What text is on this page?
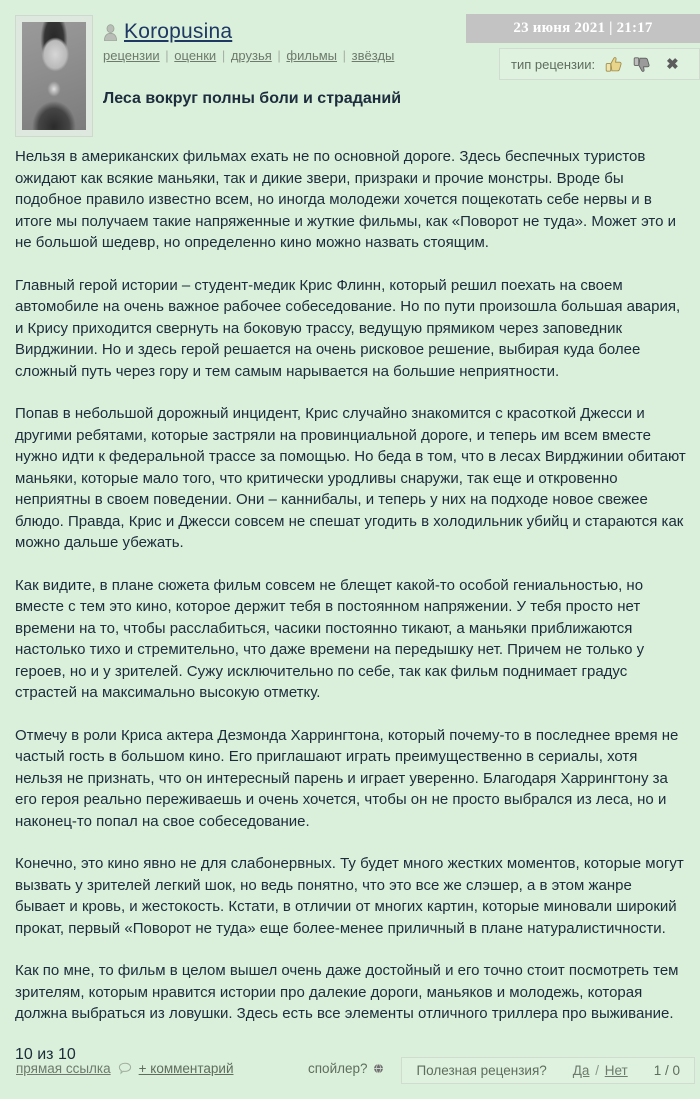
Koropusina
рецензии | оценки | друзья | фильмы | звёзды
Леса вокруг полны боли и страданий
23 июня 2021 | 21:17
тип рецензии:	✖

Нельзя в американских фильмах ехать не по основной дороге. Здесь беспечных туристов ожидают как всякие маньяки, так и дикие звери, призраки и прочие монстры. Вроде бы подобное правило известно всем, но иногда молодежи хочется пощекотать себе нервы и в итоге мы получаем такие напряженные и жуткие фильмы, как «Поворот не туда». Может это и не большой шедевр, но определенно кино можно назвать стоящим.

Главный герой истории – студент-медик Крис Флинн, который решил поехать на своем автомобиле на очень важное рабочее собеседование. Но по пути произошла большая авария, и Крису приходится свернуть на боковую трассу, ведущую прямиком через заповедник Вирджинии. Но и здесь герой решается на очень рисковое решение, выбирая куда более сложный путь через гору и тем самым нарывается на большие неприятности.

Попав в небольшой дорожный инцидент, Крис случайно знакомится с красоткой Джесси и другими ребятами, которые застряли на провинциальной дороге, и теперь им всем вместе нужно идти к федеральной трассе за помощью. Но беда в том, что в лесах Вирджинии обитают маньяки, которые мало того, что критически уродливы снаружи, так еще и откровенно неприятны в своем поведении. Они – каннибалы, и теперь у них на подходе новое свежее блюдо. Правда, Крис и Джесси совсем не спешат угодить в холодильник убийц и стараются как можно дальше убежать.

Как видите, в плане сюжета фильм совсем не блещет какой-то особой гениальностью, но вместе с тем это кино, которое держит тебя в постоянном напряжении. У тебя просто нет времени на то, чтобы расслабиться, часики постоянно тикают, а маньяки приближаются настолько тихо и стремительно, что даже времени на передышку нет. Причем не только у героев, но и у зрителей. Сужу исключительно по себе, так как фильм поднимает градус страстей на максимально высокую отметку.

Отмечу в роли Криса актера Дезмонда Харрингтона, который почему-то в последнее время не частый гость в большом кино. Его приглашают играть преимущественно в сериалы, хотя нельзя не признать, что он интересный парень и играет уверенно. Благодаря Харрингтону за его героя реально переживаешь и очень хочется, чтобы он не просто выбрался из леса, но и наконец-то попал на свое собеседование.

Конечно, это кино явно не для слабонервных. Ту будет много жестких моментов, которые могут вызвать у зрителей легкий шок, но ведь понятно, что это все же слэшер, а в этом жанре бывает и кровь, и жестокость. Кстати, в отличии от многих картин, которые миновали широкий прокат, первый «Поворот не туда» еще более-менее приличный в плане натуралистичности.

Как по мне, то фильм в целом вышел очень даже достойный и его точно стоит посмотреть тем зрителям, которым нравится истории про далекие дороги, маньяков и молодежь, которая должна выбраться из ловушки. Здесь есть все элементы отличного триллера про выживание.

10 из 10
прямая ссылка + комментарий	спойлер?	Полезная рецензия? Да / Нет 1 / 0
